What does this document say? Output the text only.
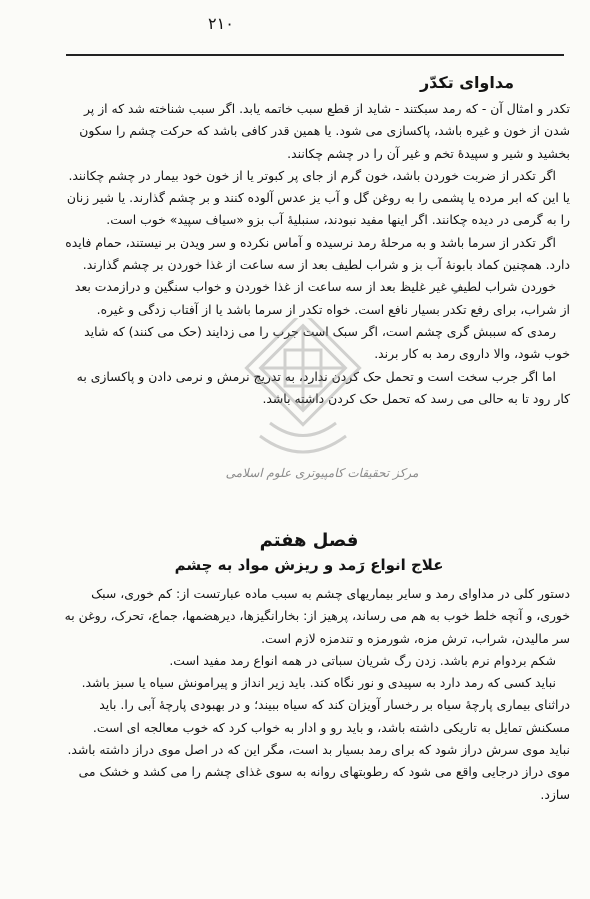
۲۱۰
مداوای تکدّر

تکدر و امثال آن - که رمد سبکتند - شاید از قطع سبب خاتمه یابد. اگر سبب شناخته شد که از پر شدن از خون و غیره باشد، پاکسازی می شود. یا همین قدر کافی باشد که حرکت چشم را سکون بخشید و شیر و سپیدهٔ تخم و غیر آن را در چشم چکانند.

اگر تکدر از ضربت خوردن باشد، خون گرم از جای پر کبوتر یا از خون خود بیمار در چشم چکانند. یا این که ابر مرده یا پشمی را به روغن گل و آب یز عدس آلوده کنند و بر چشم گذارند. یا شیر زنان را به گرمی در دیده چکانند. اگر اینها مفید نبودند، سنبلیهٔ آب بزو «سیاف سپید» خوب است.

اگر تکدر از سرما باشد و به مرحلهٔ رمد نرسیده و آماس نکرده و سر ویدن بر نیستند، حمام فایده دارد. همچنین کماد بابونهٔ آب بز و شراب لطیف بعد از سه ساعت از غذا خوردن بر چشم گذارند.

خوردن شراب لطیفِ غیر غلیظ بعد از سه ساعت از غذا خوردن و خواب سنگین و درازمدت بعد از شراب، برای رفع تکدر بسیار نافع است. خواه تکدر از سرما باشد یا از آفتاب زدگی و غیره.

رمدی که سببش گری چشم است، اگر سبک است جرب را می زدایند (حک می کنند) که شاید خوب شود، والا داروی رمد به کار برند.

اما اگر جرب سخت است و تحمل حک کردن ندارد، به تدریج نرمش و نرمی دادن و پاکسازی به کار رود تا به حالی می رسد که تحمل حک کردن داشته باشد.

مرکز تحقیقات کامپیوتری علوم اسلامی
فصل هفتم
علاج انواع رَمد و ریزش مواد به چشم

دستور کلی در مداوای رمد و سایر بیماریهای چشم به سبب ماده عبارتست از: کم خوری، سبک خوری، و آنچه خلط خوب به هم می رساند، پرهیز از: بخارانگیزها، دیرهضمها، جماع، تحرک، روغن به سر مالیدن، شراب، ترش مزه، شورمزه و تندمزه لازم است.

شکم بردوام نرم باشد. زدن رگ شریان سباتی در همه انواع رمد مفید است.

نباید کسی که رمد دارد به سپیدی و نور نگاه کند. باید زیر انداز و پیرامونش سیاه یا سبز باشد.

دراثنای بیماری پارچهٔ سیاه بر رخسار آویزان کند که سیاه ببیند؛ و در بهبودی پارچهٔ آبی را. باید مسکنش تمایل به تاریکی داشته باشد، و باید رو و ادار به خواب کرد که خوب معالجه ای است.

نباید موی سرش دراز شود که برای رمد بسیار بد است، مگر این که در اصل موی دراز داشته باشد. موی دراز درجایی واقع می شود که رطوبتهای روانه به سوی غذای چشم را می کشد و خشک می سازد.
